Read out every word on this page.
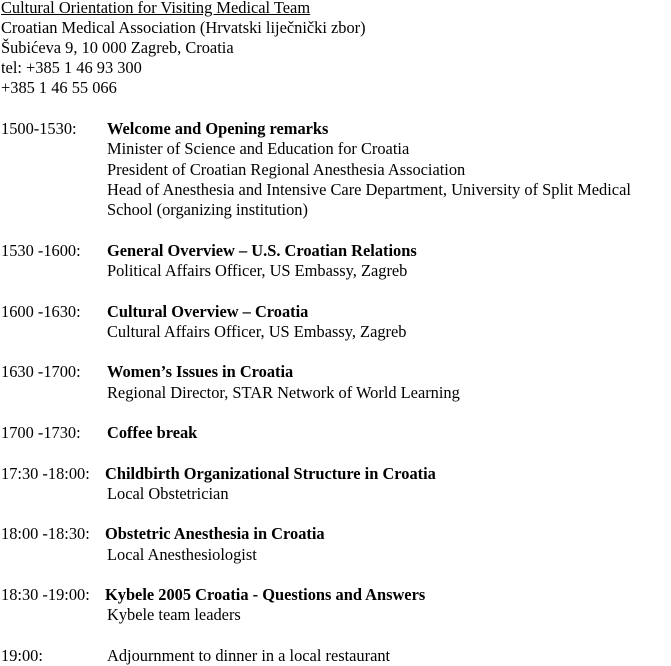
Cultural Orientation for Visiting Medical Team
Croatian Medical Association (Hrvatski liječnički zbor)
Šubićeva 9, 10 000 Zagreb, Croatia
tel: +385 1 46 93 300
+385 1 46 55 066
1500-1530: Welcome and Opening remarks
Minister of Science and Education for Croatia
President of Croatian Regional Anesthesia Association
Head of Anesthesia and Intensive Care Department, University of Split Medical
School (organizing institution)
1530 -1600: General Overview – U.S. Croatian Relations
Political Affairs Officer, US Embassy, Zagreb
1600 -1630: Cultural Overview – Croatia
Cultural Affairs Officer, US Embassy, Zagreb
1630 -1700: Women’s Issues in Croatia
Regional Director, STAR Network of World Learning
1700 -1730: Coffee break
17:30 -18:00: Childbirth Organizational Structure in Croatia
Local Obstetrician
18:00 -18:30: Obstetric Anesthesia in Croatia
Local Anesthesiologist
18:30 -19:00: Kybele 2005 Croatia - Questions and Answers
Kybele team leaders
19:00:	Adjournment to dinner in a local restaurant
